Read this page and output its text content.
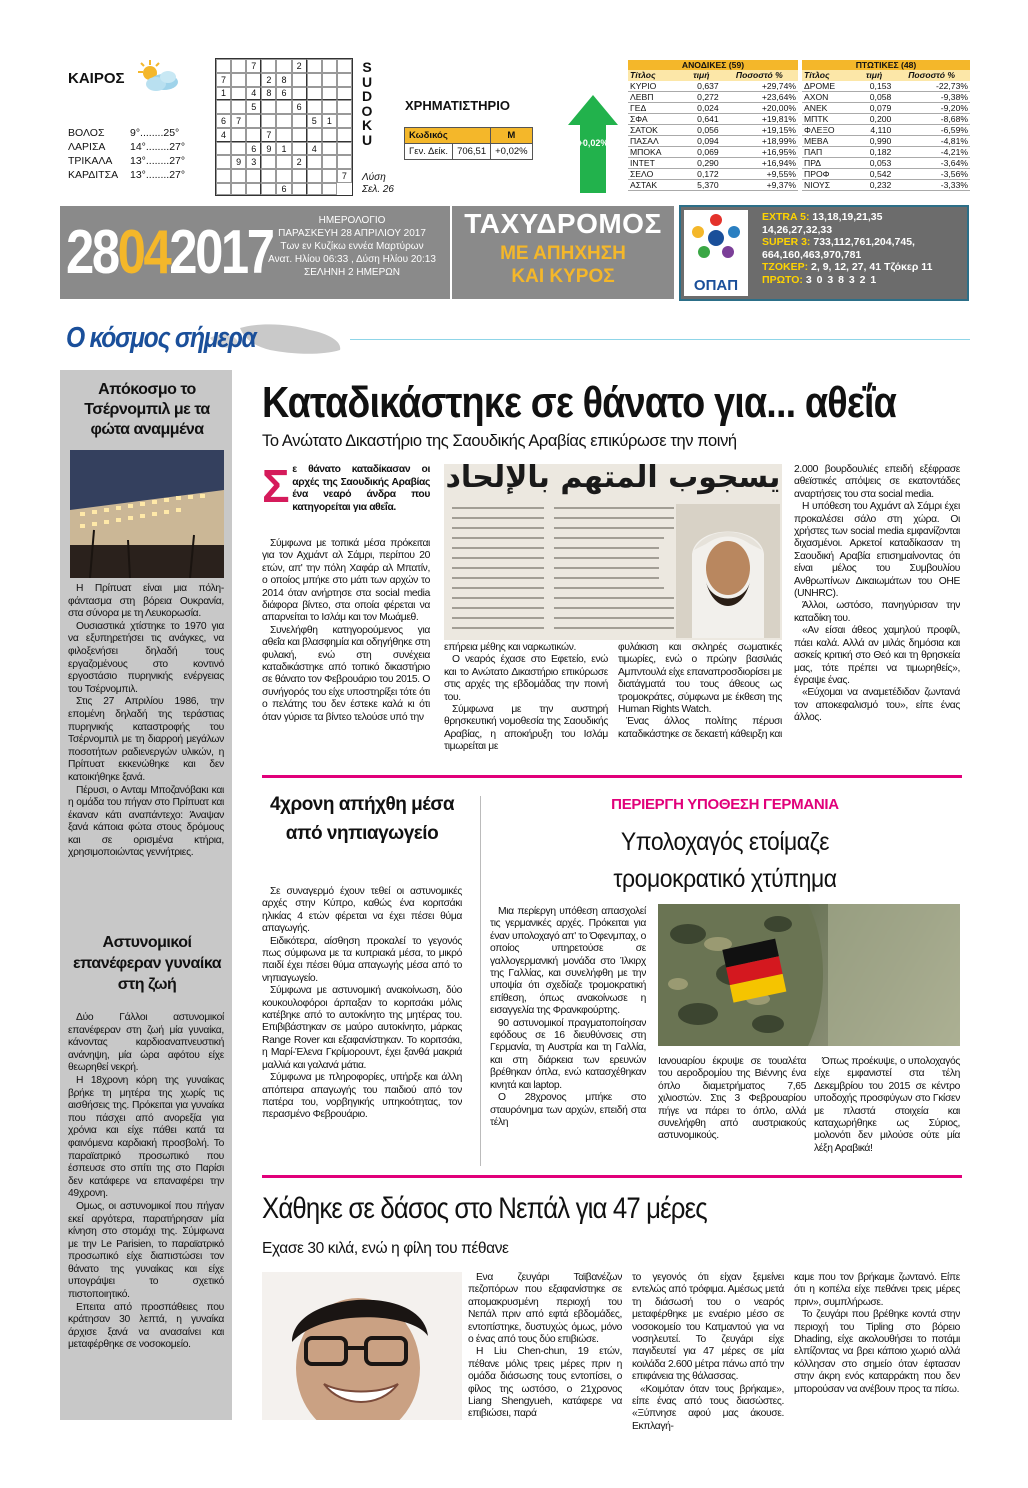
ΚΑΙΡΟΣ
ΒΟΛΟΣ	9°........25°
ΛΑΡΙΣΑ	14°........27°
ΤΡΙΚΑΛΑ	13°........27°
ΚΑΡΔΙΤΣΑ	13°........27°
7	2
7	2	8
1	4	8	6
5	6
6	7	5	1
4	7
6	9	1	4
9	3	2
7
6
S
U
D
O
K
U
Λύση
Σελ. 26
ΧΡΗΜΑΤΙΣΤΗΡΙΟ
Κωδικός		M
Γεν. Δείκ.	706,51	+0,02%
+0,02%
ΑΝΟΔΙΚΕΣ (59)		
Τίτλος	τιμή	Ποσοστό %
ΚΥΡΙΟ	0,637	+29,74%
ΛΕΒΠ	0,272	+23,64%
ΓΕΔ	0,024	+20,00%
ΣΦΑ	0,641	+19,81%
ΣΑΤΟΚ	0,056	+19,15%
ΠΑΣΑΛ	0,094	+18,99%
ΜΠΟΚΑ	0,069	+16,95%
ΙΝΤΕΤ	0,290	+16,94%
ΣΕΛΟ	0,172	+9,55%
ΑΣΤΑΚ	5,370	+9,37%
ΠΤΩΤΙΚΕΣ (48)		
Τίτλος	τιμή	Ποσοστό %
ΔΡΟΜΕ	0,153	-22,73%
ΑΧΟΝ	0,058	-9,38%
ΑΝΕΚ	0,079	-9,20%
ΜΠΤΚ	0,200	-8,68%
ΦΛΕΞΟ	4,110	-6,59%
ΜΕΒΑ	0,990	-4,81%
ΠΑΠ	0,182	-4,21%
ΠΡΔ	0,053	-3,64%
ΠΡΟΦ	0,542	-3,56%
ΝΙΟΥΣ	0,232	-3,33%
28042017	ΗΜΕΡΟΛΟΓΙΟ
ΠΑΡΑΣΚΕΥΗ 28 ΑΠΡΙΛΙΟΥ 2017
Των εν Κυζίκω εννέα Μαρτύρων
Ανατ. Ηλίου 06:33 , Δύση Ηλίου 20:13
ΣΕΛΗΝΗ 2 ΗΜΕΡΩΝ
ΤΑΧΥΔΡΟΜΟΣ
ΜΕ ΑΠΗΧΗΣΗ
ΚΑΙ ΚΥΡΟΣ	ΟΠΑΠ
EXTRA 5: 13,18,19,21,35
14,26,27,32,33
SUPER 3: 733,112,761,204,745,
664,160,463,970,781
ΤΖΟΚΕΡ: 2, 9, 12, 27, 41 Τζόκερ 11
ΠΡΩΤΟ: 3 0 3 8 3 2 1
Ο κόσμος σήμερα
Απόκοσμο το Τσέρνομπιλ με τα φώτα αναμμένα

Η Πρίπυατ είναι μια πόλη-φάντασμα στη βόρεια Ουκρανία, στα σύνορα με τη Λευκορωσία.

Ουσιαστικά χτίστηκε το 1970 για να εξυπηρετήσει τις ανάγκες, να φιλοξενήσει δηλαδή τους εργαζομένους στο κοντινό εργοστάσιο πυρηνικής ενέργειας του Τσέρνομπιλ.

Στις 27 Απριλίου 1986, την επομένη δηλαδή της τεράστιας πυρηνικής καταστροφής του Τσέρνομπιλ με τη διαρροή μεγάλων ποσοτήτων ραδιενεργών υλικών, η Πρίπυατ εκκενώθηκε και δεν κατοικήθηκε ξανά.

Πέρυσι, ο Ανταμ Μποζανόβακι και η ομάδα του πήγαν στο Πρίπυατ και έκαναν κάτι αναπάντεχο: Άναψαν ξανά κάποια φώτα στους δρόμους και σε ορισμένα κτήρια, χρησιμοποιώντας γεννήτριες.

Αστυνομικοί επανέφεραν γυναίκα στη ζωή

Δύο Γάλλοι αστυνομικοί επανέφεραν στη ζωή μία γυναίκα, κάνοντας καρδιοαναπνευστική ανάνηψη, μία ώρα αφότου είχε θεωρηθεί νεκρή.

Η 18χρονη κόρη της γυναίκας βρήκε τη μητέρα της χωρίς τις αισθήσεις της. Πρόκειται για γυναίκα που πάσχει από ανορεξία για χρόνια και είχε πάθει κατά τα φαινόμενα καρδιακή προσβολή. Το παραϊατρικό προσωπικό που έσπευσε στο σπίτι της στο Παρίσι δεν κατάφερε να επαναφέρει την 49χρονη.

Ομως, οι αστυνομικοί που πήγαν εκεί αργότερα, παρατήρησαν μία κίνηση στο στομάχι της. Σύμφωνα με την Le Parisien, το παραϊατρικό προσωπικό είχε διαπιστώσει τον θάνατο της γυναίκας και είχε υπογράψει το σχετικό πιστοποιητικό.

Επειτα από προσπάθειες που κράτησαν 30 λεπτά, η γυναίκα άρχισε ξανά να ανασαίνει και μεταφέρθηκε σε νοσοκομείο.

Καταδικάστηκε σε θάνατο για... αθεΐα
Το Ανώτατο Δικαστήριο της Σαουδικής Αραβίας επικύρωσε την ποινή
Σε θάνατο καταδίκασαν οι αρχές της Σαουδικής Αραβίας ένα νεαρό άνδρα που κατηγορείται για αθεΐα.

Σύμφωνα με τοπικά μέσα πρόκειται για τον Αχμάντ αλ Σάμρι, περίπου 20 ετών, απ' την πόλη Χαφάρ αλ Μπατίν, ο οποίος μπήκε στο μάτι των αρχών το 2014 όταν ανήρτησε στα social media διάφορα βίντεο, στα οποία φέρεται να απαρνείται το Ισλάμ και τον Μωάμεθ.

Συνελήφθη κατηγορούμενος για αθεΐα και βλασφημία και οδηγήθηκε στη φυλακή, ενώ στη συνέχεια καταδικάστηκε από τοπικό δικαστήριο σε θάνατο τον Φεβρουάριο του 2015. Ο συνήγορός του είχε υποστηρίξει τότε ότι ο πελάτης του δεν έστεκε καλά κι ότι όταν γύρισε τα βίντεο τελούσε υπό την

يسجوب المتهم بالإلحاد

επήρεια μέθης και ναρκωτικών.

Ο νεαρός έχασε στο Εφετείο, ενώ και το Ανώτατο Δικαστήριο επικύρωσε στις αρχές της εβδομάδας την ποινή του.

Σύμφωνα με την αυστηρή θρησκευτική νομοθεσία της Σαουδικής Αραβίας, η αποκήρυξη του Ισλάμ τιμωρείται με

φυλάκιση και σκληρές σωματικές τιμωρίες, ενώ ο πρώην βασιλιάς Αμπντουλά είχε επαναπροσδιορίσει με διατάγματά του τους άθεους ως τρομοκράτες, σύμφωνα με έκθεση της Human Rights Watch.

Ένας άλλος πολίτης πέρυσι καταδικάστηκε σε δεκαετή κάθειρξη και

2.000 βουρδουλιές επειδή εξέφρασε αθεϊστικές απόψεις σε εκατοντάδες αναρτήσεις του στα social media.

Η υπόθεση του Αχμάντ αλ Σάμρι έχει προκαλέσει σάλο στη χώρα. Οι χρήστες των social media εμφανίζονται διχασμένοι. Αρκετοί καταδίκασαν τη Σαουδική Αραβία επισημαίνοντας ότι είναι μέλος του Συμβουλίου Ανθρωπίνων Δικαιωμάτων του ΟΗΕ (UNHRC).

Άλλοι, ωστόσο, πανηγύρισαν την καταδίκη του.

«Αν είσαι άθεος χαμηλού προφίλ, πάει καλά. Αλλά αν μιλάς δημόσια και ασκείς κριτική στο Θεό και τη θρησκεία μας, τότε πρέπει να τιμωρηθείς», έγραψε ένας.

«Εύχομαι να αναμετέδιδαν ζωντανά τον αποκεφαλισμό του», είπε ένας άλλος.

4χρονη απήχθη μέσα από νηπιαγωγείο

Σε συναγερμό έχουν τεθεί οι αστυνομικές αρχές στην Κύπρο, καθώς ένα κοριτσάκι ηλικίας 4 ετών φέρεται να έχει πέσει θύμα απαγωγής.

Ειδικότερα, αίσθηση προκαλεί το γεγονός πως σύμφωνα με τα κυπριακά μέσα, το μικρό παιδί έχει πέσει θύμα απαγωγής μέσα από το νηπιαγωγείο.

Σύμφωνα με αστυνομική ανακοίνωση, δύο κουκουλοφόροι άρπαξαν το κοριτσάκι μόλις κατέβηκε από το αυτοκίνητο της μητέρας του. Επιβιβάστηκαν σε μαύρο αυτοκίνητο, μάρκας Range Rover και εξαφανίστηκαν. Το κοριτσάκι, η Μαρί-Έλενα Γκρίμορουντ, έχει ξανθά μακριά μαλλιά και γαλανά μάτια.

Σύμφωνα με πληροφορίες, υπήρξε και άλλη απόπειρα απαγωγής του παιδιού από τον πατέρα του, νορβηγικής υπηκοότητας, τον περασμένο Φεβρουάριο.

ΠΕΡΙΕΡΓΗ ΥΠΟΘΕΣΗ ΓΕΡΜΑΝΙΑ
Υπολοχαγός ετοίμαζε
τρομοκρατικό χτύπημα

Μια περίεργη υπόθεση απασχολεί τις γερμανικές αρχές. Πρόκειται για έναν υπολοχαγό απ' το Όφενμπαχ, ο οποίος υπηρετούσε σε γαλλογερμανική μονάδα στο Ίλκιρχ της Γαλλίας, και συνελήφθη με την υποψία ότι σχεδίαζε τρομοκρατική επίθεση, όπως ανακοίνωσε η εισαγγελία της Φρανκφούρτης.

90 αστυνομικοί πραγματοποίησαν εφόδους σε 16 διευθύνσεις στη Γερμανία, τη Αυστρία και τη Γαλλία, και στη διάρκεια των ερευνών βρέθηκαν όπλα, ενώ κατασχέθηκαν κινητά και laptop.

Ο 28χρονος μπήκε στο σταυρόνημα των αρχών, επειδή στα τέλη

Ιανουαρίου έκρυψε σε τουαλέτα του αεροδρομίου της Βιέννης ένα όπλο διαμετρήματος 7,65 χιλιοστών. Στις 3 Φεβρουαρίου πήγε να πάρει το όπλο, αλλά συνελήφθη από αυστριακούς αστυνομικούς.

Όπως προέκυψε, ο υπολοχαγός είχε εμφανιστεί στα τέλη Δεκεμβρίου του 2015 σε κέντρο υποδοχής προσφύγων στο Γκίσεν με πλαστά στοιχεία και καταχωρήθηκε ως Σύριος, μολονότι δεν μιλούσε ούτε μία λέξη Αραβικά!

Χάθηκε σε δάσος στο Νεπάλ για 47 μέρες
Εχασε 30 κιλά, ενώ η φίλη του πέθανε

Ενα ζευγάρι Ταϊβανέζων πεζοπόρων που εξαφανίστηκε σε απομακρυσμένη περιοχή του Νεπάλ πριν από εφτά εβδομάδες, εντοπίστηκε, δυστυχώς όμως, μόνο ο ένας από τους δύο επιβιώσε.

Η Liu Chen-chun, 19 ετών, πέθανε μόλις τρεις μέρες πριν η ομάδα διάσωσης τους εντοπίσει, ο φίλος της ωστόσο, ο 21χρονος Liang Shengyueh, κατάφερε να επιβιώσει, παρά

το γεγονός ότι είχαν ξεμείνει εντελώς από τρόφιμα. Αμέσως μετά τη διάσωσή του ο νεαρός μεταφέρθηκε με εναέριο μέσο σε νοσοκομείο του Κατμαντού για να νοσηλευτεί. Το ζευγάρι είχε παγιδευτεί για 47 μέρες σε μία κοιλάδα 2.600 μέτρα πάνω από την επιφάνεια της θάλασσας.

«Κοιμόταν όταν τους βρήκαμε», είπε ένας από τους διασώστες. «Ξύπνησε αφού μας άκουσε. Εκπλαγή-

καμε που τον βρήκαμε ζωντανό. Είπε ότι η κοπέλα είχε πεθάνει τρεις μέρες πριν», συμπλήρωσε.

Το ζευγάρι που βρέθηκε κοντά στην περιοχή του Tipling στο βόρειο Dhading, είχε ακολουθήσει το ποτάμι ελπίζοντας να βρει κάποιο χωριό αλλά κόλλησαν στο σημείο όταν έφτασαν στην άκρη ενός καταρράκτη που δεν μπορούσαν να ανέβουν προς τα πίσω.
